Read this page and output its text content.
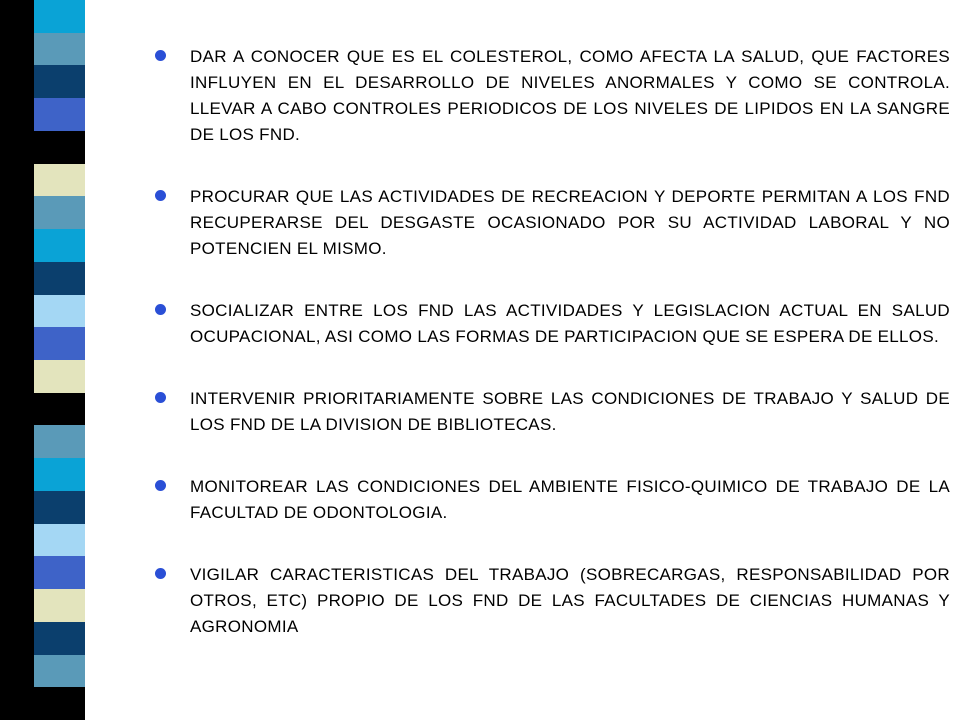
DAR A CONOCER QUE ES EL COLESTEROL, COMO AFECTA LA SALUD, QUE FACTORES INFLUYEN EN EL DESARROLLO DE NIVELES ANORMALES Y COMO SE CONTROLA. LLEVAR A CABO CONTROLES PERIODICOS DE LOS NIVELES DE LIPIDOS EN LA SANGRE DE LOS FND.

PROCURAR QUE LAS ACTIVIDADES DE RECREACION Y DEPORTE PERMITAN A LOS FND RECUPERARSE DEL DESGASTE OCASIONADO POR SU ACTIVIDAD LABORAL Y NO POTENCIEN EL MISMO.

SOCIALIZAR ENTRE LOS FND LAS ACTIVIDADES Y LEGISLACION ACTUAL EN SALUD OCUPACIONAL, ASI COMO LAS FORMAS DE PARTICIPACION QUE SE ESPERA DE ELLOS.

INTERVENIR PRIORITARIAMENTE SOBRE LAS CONDICIONES DE TRABAJO Y SALUD DE LOS FND DE LA DIVISION DE BIBLIOTECAS.

MONITOREAR LAS CONDICIONES DEL AMBIENTE FISICO-QUIMICO DE TRABAJO DE LA FACULTAD DE ODONTOLOGIA.

VIGILAR CARACTERISTICAS DEL TRABAJO (SOBRECARGAS, RESPONSABILIDAD POR OTROS, ETC) PROPIO DE LOS FND DE LAS FACULTADES DE CIENCIAS HUMANAS Y AGRONOMIA
